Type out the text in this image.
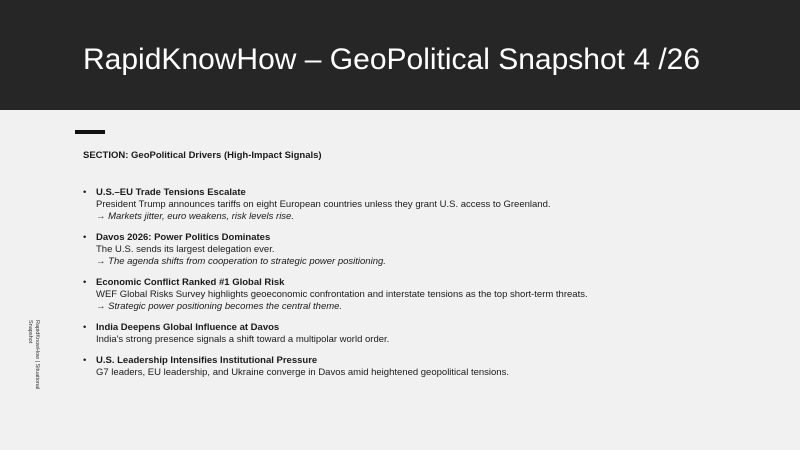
RapidKnowHow – GeoPolitical Snapshot 4 /26
SECTION: GeoPolitical Drivers (High-Impact Signals)
• U.S.–EU Trade Tensions Escalate
President Trump announces tariffs on eight European countries unless they grant U.S. access to Greenland.
→ Markets jitter, euro weakens, risk levels rise.
• Davos 2026: Power Politics Dominates
The U.S. sends its largest delegation ever.
→ The agenda shifts from cooperation to strategic power positioning.
• Economic Conflict Ranked #1 Global Risk
WEF Global Risks Survey highlights geoeconomic confrontation and interstate tensions as the top short-term threats.
→ Strategic power positioning becomes the central theme.
• India Deepens Global Influence at Davos
India's strong presence signals a shift toward a multipolar world order.
• U.S. Leadership Intensifies Institutional Pressure
G7 leaders, EU leadership, and Ukraine converge in Davos amid heightened geopolitical tensions.
RapidKnowHow | Situational Snapshot
